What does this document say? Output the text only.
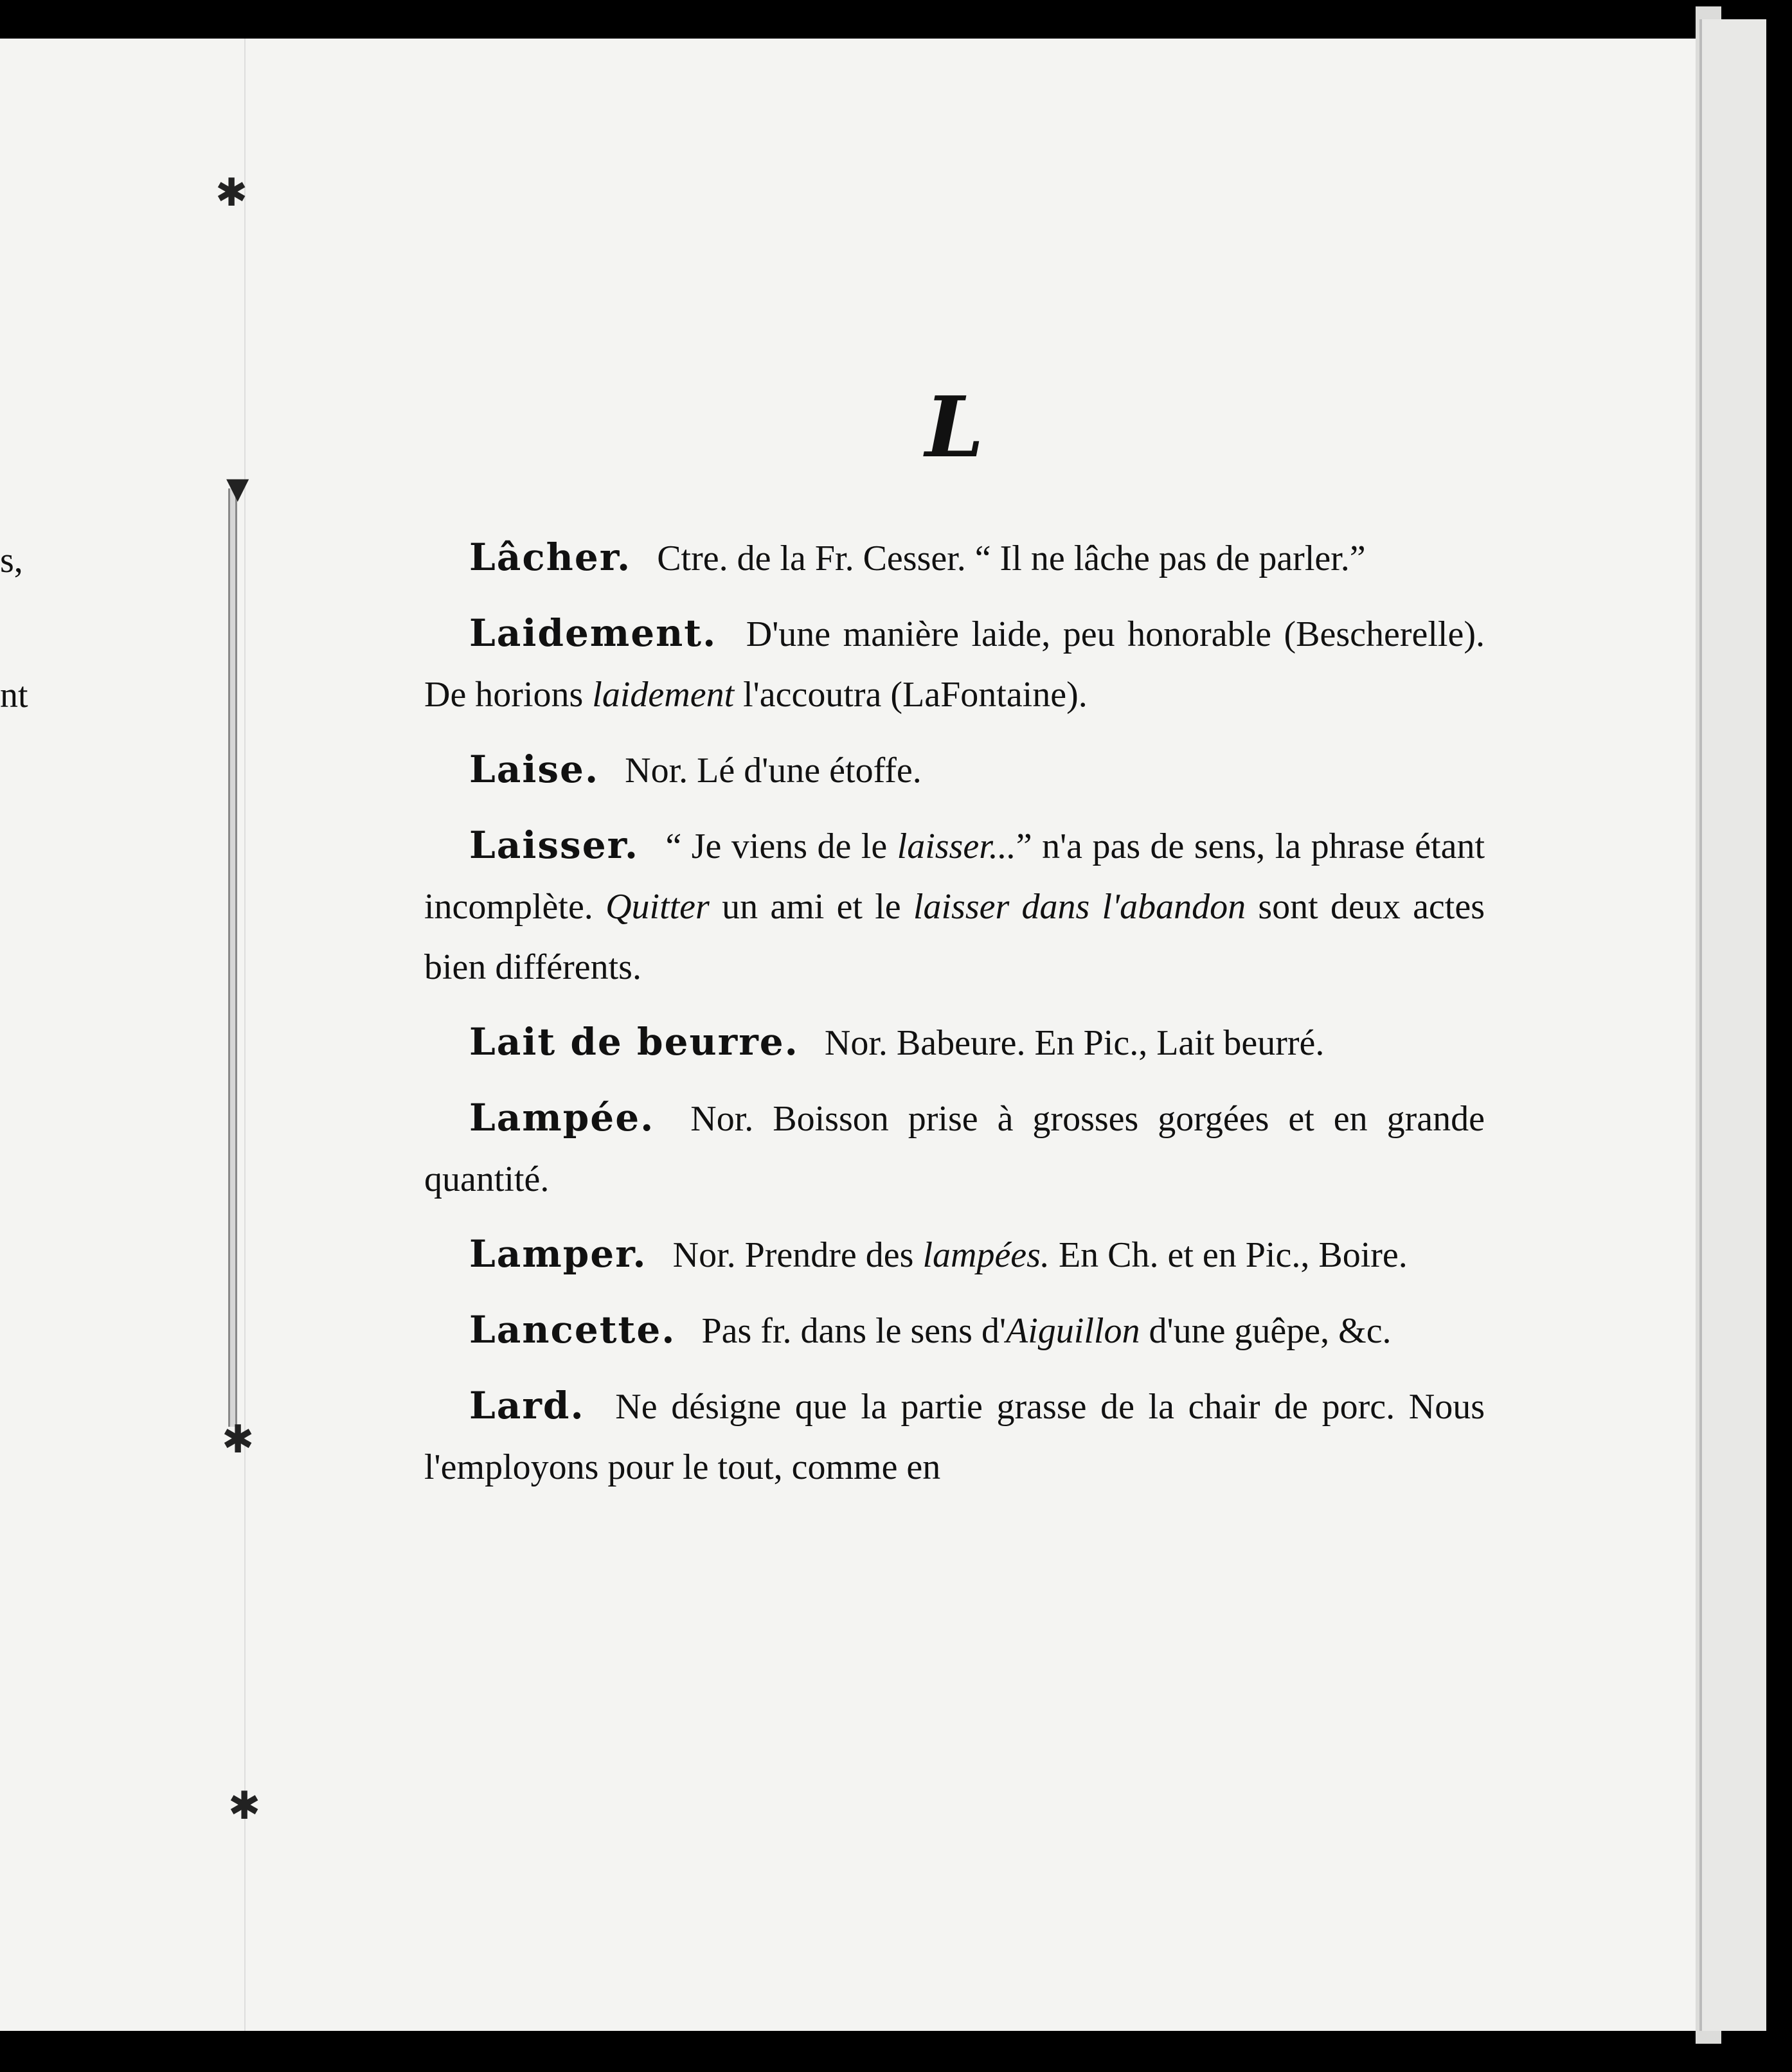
s,
nt
✱
▼
✱
✱
L

Lâcher. Ctre. de la Fr. Cesser. “ Il ne lâche pas de parler.”

Laidement. D'une manière laide, peu honorable (Bescherelle). De horions laidement l'accoutra (LaFontaine).

Laise. Nor. Lé d'une étoffe.

Laisser. “ Je viens de le laisser...” n'a pas de sens, la phrase étant incomplète. Quitter un ami et le laisser dans l'abandon sont deux actes bien différents.

Lait de beurre. Nor. Babeure. En Pic., Lait beurré.

Lampée. Nor. Boisson prise à grosses gorgées et en grande quantité.

Lamper. Nor. Prendre des lampées. En Ch. et en Pic., Boire.

Lancette. Pas fr. dans le sens d'Aiguillon d'une guêpe, &c.

Lard. Ne désigne que la partie grasse de la chair de porc. Nous l'employons pour le tout, comme en
